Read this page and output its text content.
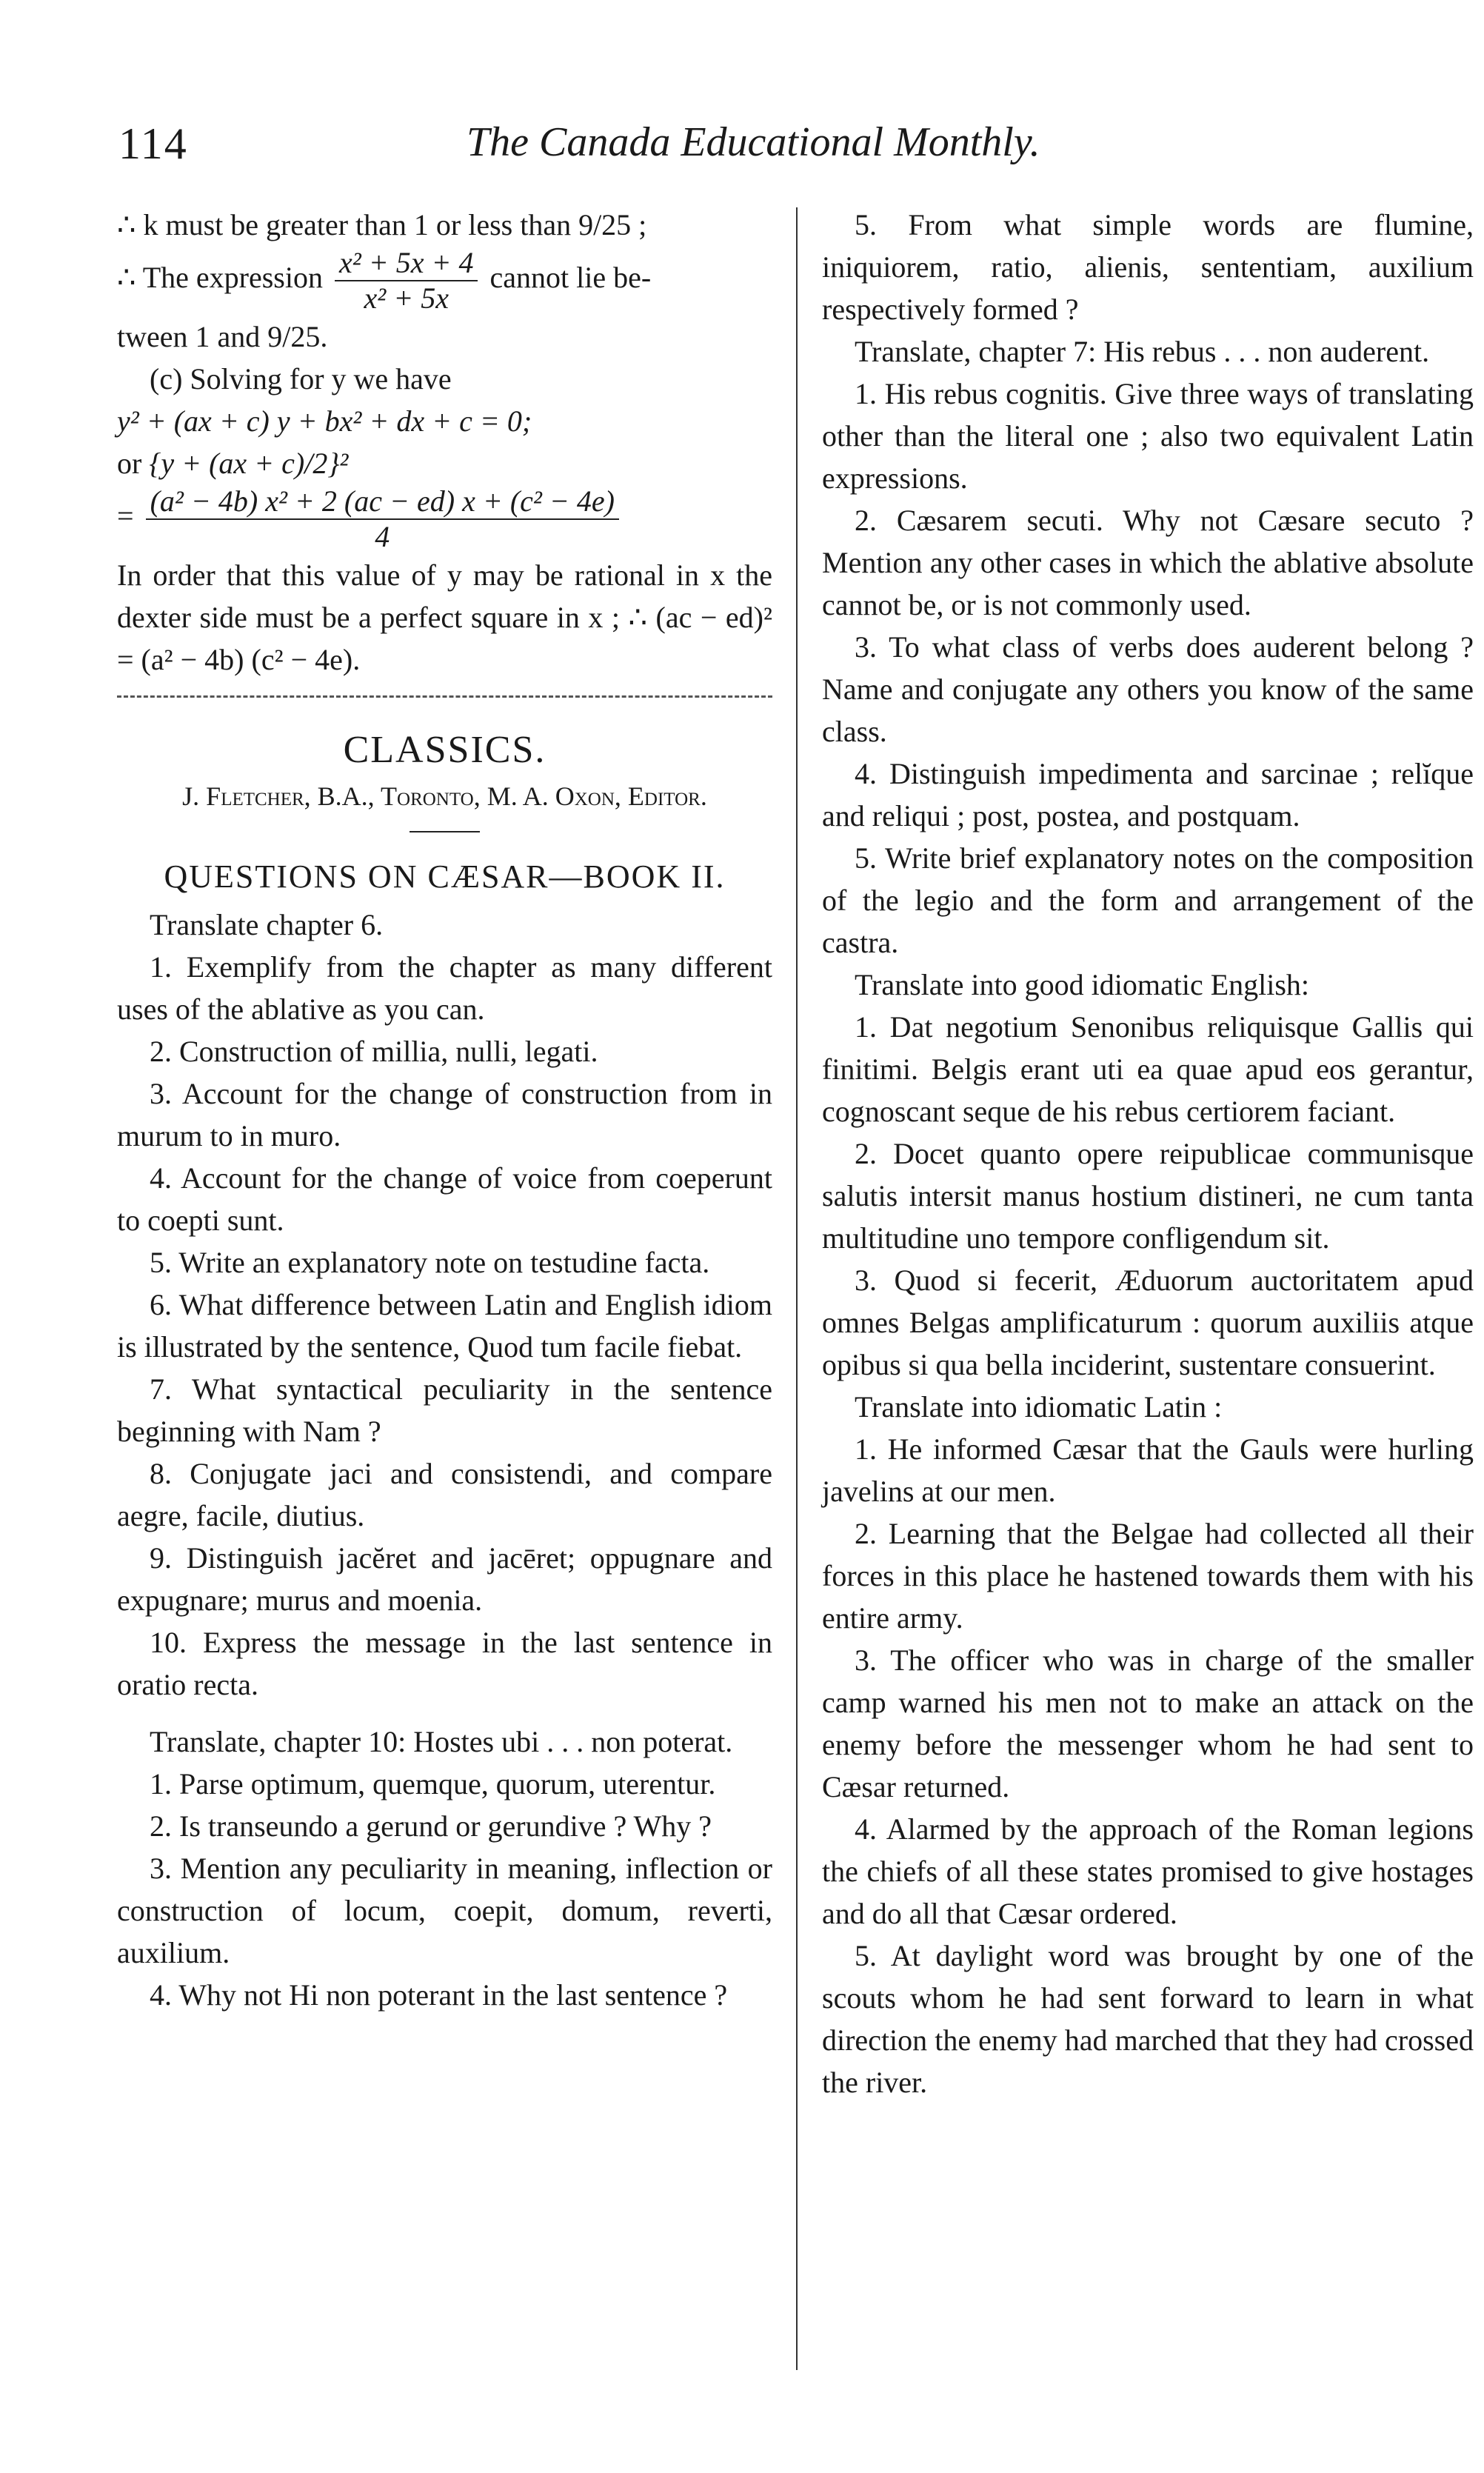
114	The Canada Educational Monthly.

∴ k must be greater than 1 or less than 9/25 ;

∴ The expression $\frac{\text{x² + 5x + 4}}{\text{x² + 5x}}$ cannot lie be-

tween 1 and 9/25.

(c) Solving for y we have

y² + (ax + c) y + bx² + dx + c = 0;

or {y + (ax + c)/2}²

= $\frac{\text{(a² − 4b) x² + 2 (ac − ed) x + (c² − 4e)}}{4}$

In order that this value of y may be rational in x the dexter side must be a perfect square in x ; ∴ (ac − ed)² = (a² − 4b) (c² − 4e).

CLASSICS.
J. Fletcher, B.A., Toronto, M. A. Oxon, Editor.
QUESTIONS ON CÆSAR—BOOK II.

Translate chapter 6.

1. Exemplify from the chapter as many different uses of the ablative as you can.

2. Construction of millia, nulli, legati.

3. Account for the change of construction from in murum to in muro.

4. Account for the change of voice from coeperunt to coepti sunt.

5. Write an explanatory note on testudine facta.

6. What difference between Latin and English idiom is illustrated by the sentence, Quod tum facile fiebat.

7. What syntactical peculiarity in the sentence beginning with Nam ?

8. Conjugate jaci and consistendi, and compare aegre, facile, diutius.

9. Distinguish jacĕret and jacēret; oppugnare and expugnare; murus and moenia.

10. Express the message in the last sentence in oratio recta.

Translate, chapter 10: Hostes ubi . . . non poterat.

1. Parse optimum, quemque, quorum, uterentur.

2. Is transeundo a gerund or gerundive ? Why ?

3. Mention any peculiarity in meaning, inflection or construction of locum, coepit, domum, reverti, auxilium.

4. Why not Hi non poterant in the last sentence ?

5. From what simple words are flumine, iniquiorem, ratio, alienis, sententiam, auxilium respectively formed ?

Translate, chapter 7: His rebus . . . non auderent.

1. His rebus cognitis. Give three ways of translating other than the literal one ; also two equivalent Latin expressions.

2. Cæsarem secuti. Why not Cæsare secuto ? Mention any other cases in which the ablative absolute cannot be, or is not commonly used.

3. To what class of verbs does auderent belong ? Name and conjugate any others you know of the same class.

4. Distinguish impedimenta and sarcinae ; relĭque and reliqui ; post, postea, and postquam.

5. Write brief explanatory notes on the composition of the legio and the form and arrangement of the castra.

Translate into good idiomatic English:

1. Dat negotium Senonibus reliquisque Gallis qui finitimi. Belgis erant uti ea quae apud eos gerantur, cognoscant seque de his rebus certiorem faciant.

2. Docet quanto opere reipublicae communisque salutis intersit manus hostium distineri, ne cum tanta multitudine uno tempore confligendum sit.

3. Quod si fecerit, Æduorum auctoritatem apud omnes Belgas amplificaturum : quorum auxiliis atque opibus si qua bella inciderint, sustentare consuerint.

Translate into idiomatic Latin :

1. He informed Cæsar that the Gauls were hurling javelins at our men.

2. Learning that the Belgae had collected all their forces in this place he hastened towards them with his entire army.

3. The officer who was in charge of the smaller camp warned his men not to make an attack on the enemy before the messenger whom he had sent to Cæsar returned.

4. Alarmed by the approach of the Roman legions the chiefs of all these states promised to give hostages and do all that Cæsar ordered.

5. At daylight word was brought by one of the scouts whom he had sent forward to learn in what direction the enemy had marched that they had crossed the river.
